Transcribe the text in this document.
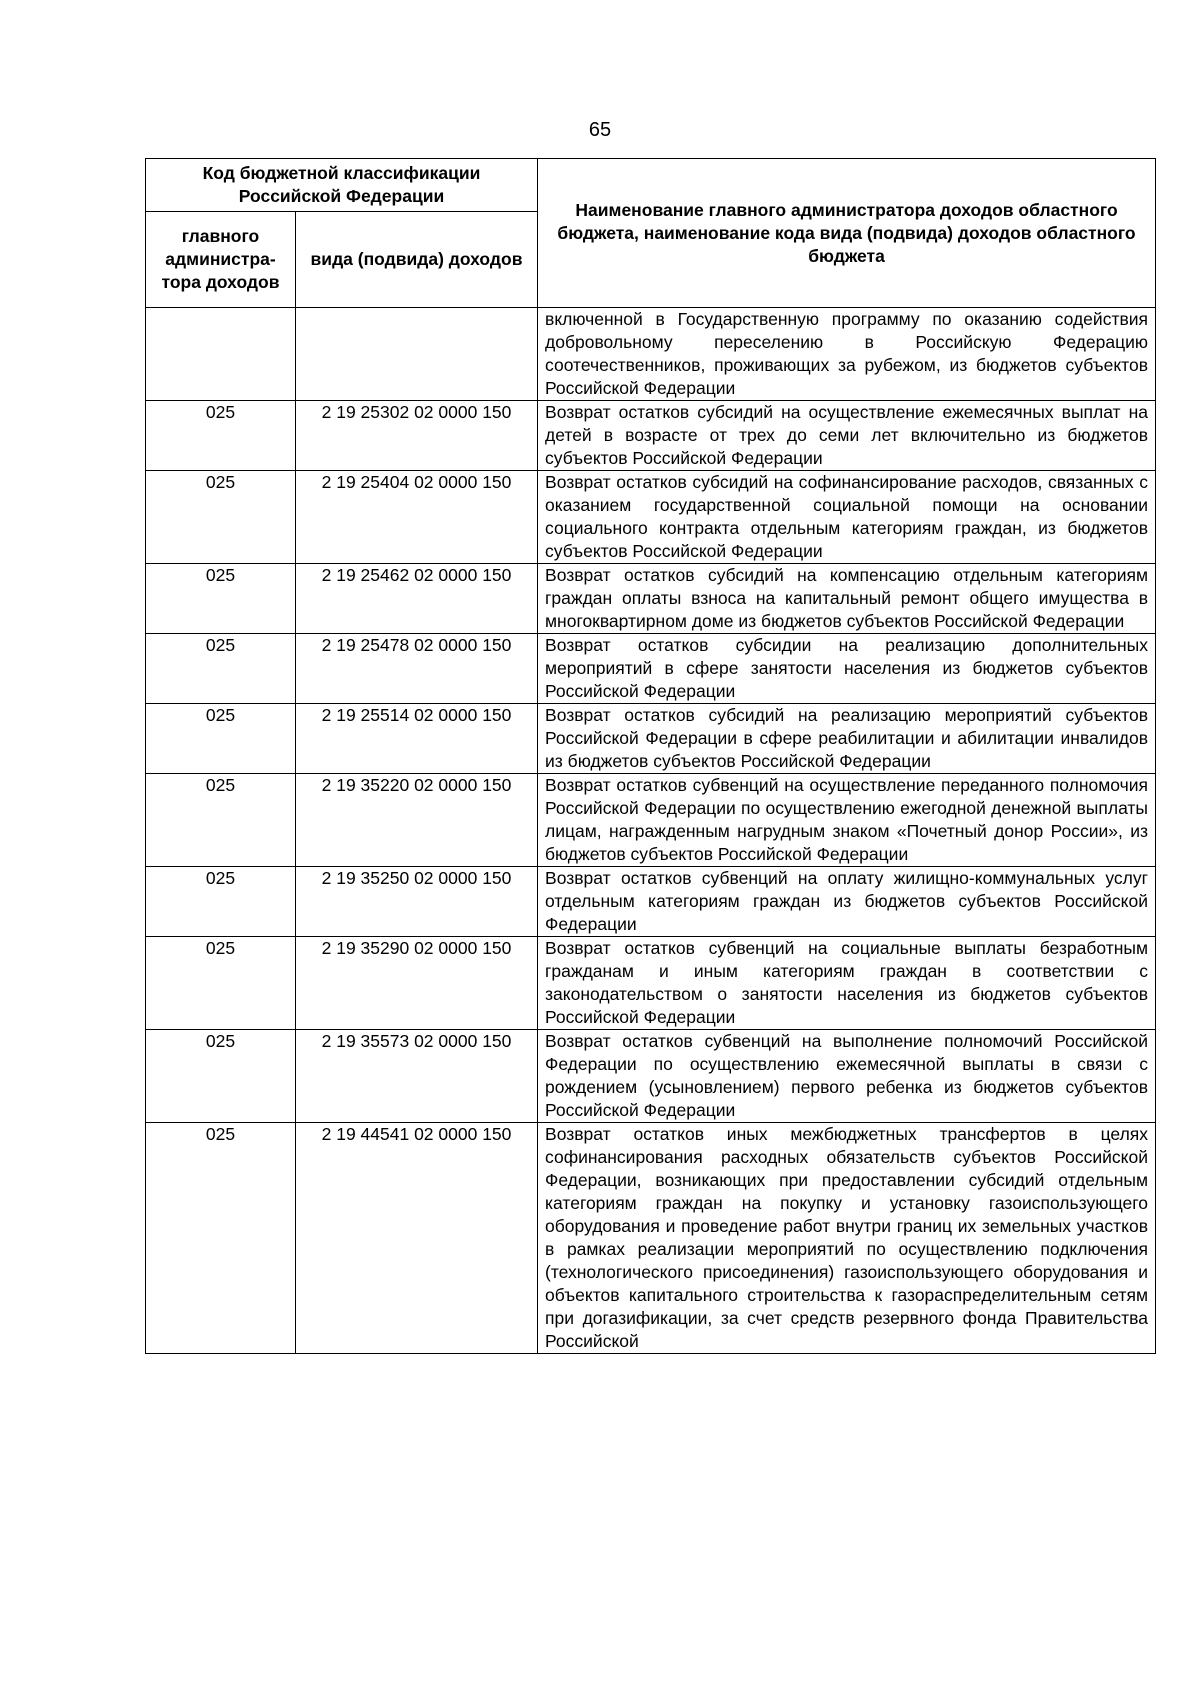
65
Код бюджетной классификации Российской Федерации		Наименование главного администратора доходов областного бюджета, наименование кода вида (подвида) доходов областного бюджета
главного администра-тора доходов	вида (подвида) доходов	
		включенной в Государственную программу по оказанию содействия добровольному переселению в Российскую Федерацию соотечественников, проживающих за рубежом, из бюджетов субъектов Российской Федерации
025	2 19 25302 02 0000 150	Возврат остатков субсидий на осуществление ежемесячных выплат на детей в возрасте от трех до семи лет включительно из бюджетов субъектов Российской Федерации
025	2 19 25404 02 0000 150	Возврат остатков субсидий на софинансирование расходов, связанных с оказанием государственной социальной помощи на основании социального контракта отдельным категориям граждан, из бюджетов субъектов Российской Федерации
025	2 19 25462 02 0000 150	Возврат остатков субсидий на компенсацию отдельным категориям граждан оплаты взноса на капитальный ремонт общего имущества в многоквартирном доме из бюджетов субъектов Российской Федерации
025	2 19 25478 02 0000 150	Возврат остатков субсидии на реализацию дополнительных мероприятий в сфере занятости населения из бюджетов субъектов Российской Федерации
025	2 19 25514 02 0000 150	Возврат остатков субсидий на реализацию мероприятий субъектов Российской Федерации в сфере реабилитации и абилитации инвалидов из бюджетов субъектов Российской Федерации
025	2 19 35220 02 0000 150	Возврат остатков субвенций на осуществление переданного полномочия Российской Федерации по осуществлению ежегодной денежной выплаты лицам, награжденным нагрудным знаком «Почетный донор России», из бюджетов субъектов Российской Федерации
025	2 19 35250 02 0000 150	Возврат остатков субвенций на оплату жилищно-коммунальных услуг отдельным категориям граждан из бюджетов субъектов Российской Федерации
025	2 19 35290 02 0000 150	Возврат остатков субвенций на социальные выплаты безработным гражданам и иным категориям граждан в соответствии с законодательством о занятости населения из бюджетов субъектов Российской Федерации
025	2 19 35573 02 0000 150	Возврат остатков субвенций на выполнение полномочий Российской Федерации по осуществлению ежемесячной выплаты в связи с рождением (усыновлением) первого ребенка из бюджетов субъектов Российской Федерации
025	2 19 44541 02 0000 150	Возврат остатков иных межбюджетных трансфертов в целях софинансирования расходных обязательств субъектов Российской Федерации, возникающих при предоставлении субсидий отдельным категориям граждан на покупку и установку газоиспользующего оборудования и проведение работ внутри границ их земельных участков в рамках реализации мероприятий по осуществлению подключения (технологического присоединения) газоиспользующего оборудования и объектов капитального строительства к газораспределительным сетям при догазификации, за счет средств резервного фонда Правительства Российской
